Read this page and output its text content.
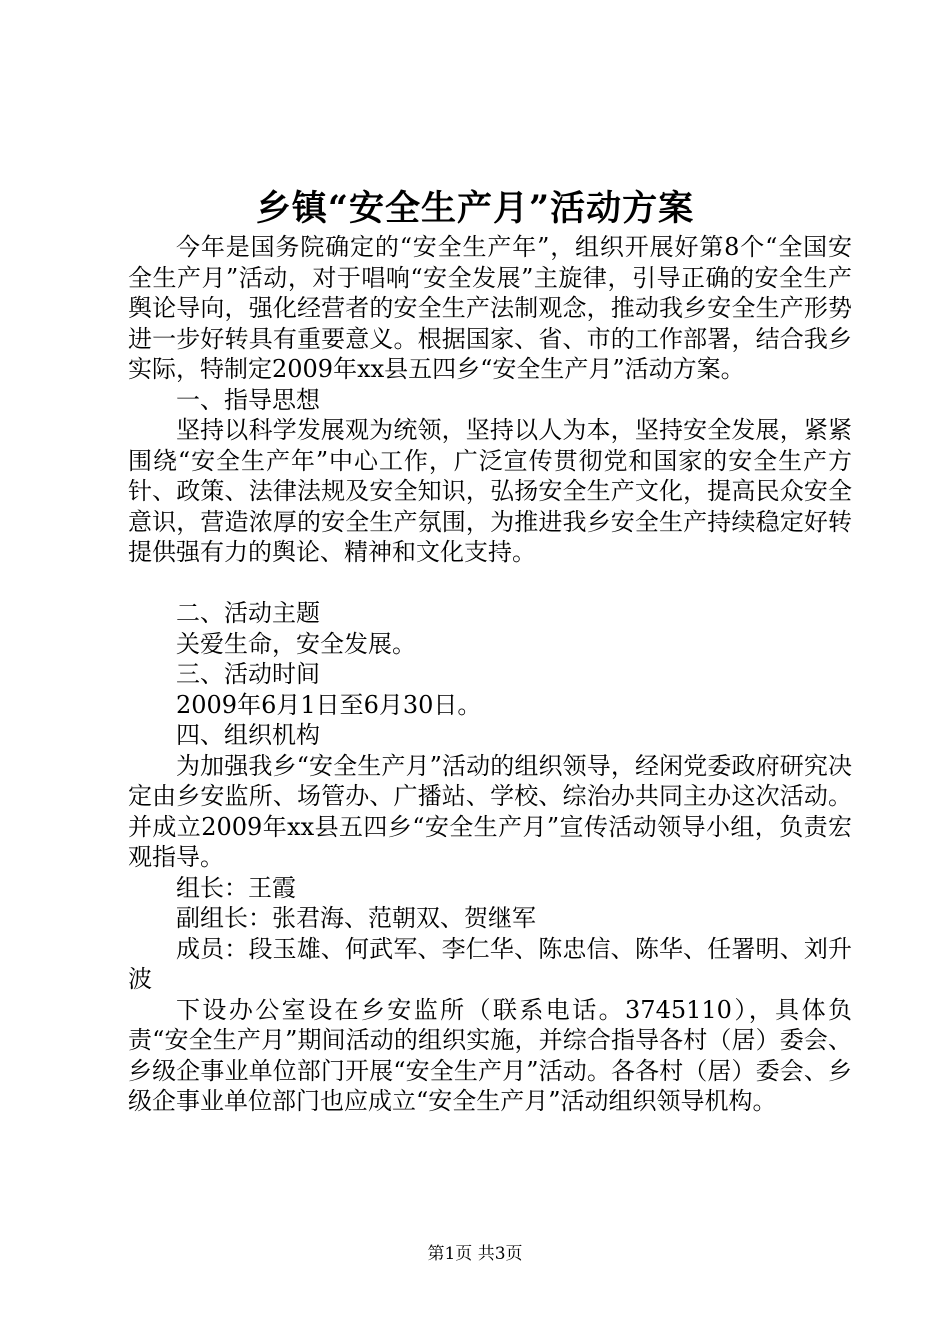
乡镇“安全生产月”活动方案

今年是国务院确定的“安全生产年”，组织开展好第8个“全国安全生产月”活动，对于唱响“安全发展”主旋律，引导正确的安全生产舆论导向，强化经营者的安全生产法制观念，推动我乡安全生产形势进一步好转具有重要意义。根据国家、省、市的工作部署，结合我乡实际，特制定2009年xx县五四乡“安全生产月”活动方案。

一、指导思想

坚持以科学发展观为统领，坚持以人为本，坚持安全发展，紧紧围绕“安全生产年”中心工作，广泛宣传贯彻党和国家的安全生产方针、政策、法律法规及安全知识，弘扬安全生产文化，提高民众安全意识，营造浓厚的安全生产氛围，为推进我乡安全生产持续稳定好转提供强有力的舆论、精神和文化支持。

二、活动主题

关爱生命，安全发展。

三、活动时间

2009年6月1日至6月30日。

四、组织机构

为加强我乡“安全生产月”活动的组织领导，经闲党委政府研究决定由乡安监所、场管办、广播站、学校、综治办共同主办这次活动。并成立2009年xx县五四乡“安全生产月”宣传活动领导小组，负责宏观指导。

组长：王霞

副组长：张君海、范朝双、贺继军

成员：段玉雄、何武军、李仁华、陈忠信、陈华、任署明、刘升波

下设办公室设在乡安监所（联系电话。3745110），具体负责“安全生产月”期间活动的组织实施，并综合指导各村（居）委会、乡级企事业单位部门开展“安全生产月”活动。各各村（居）委会、乡级企事业单位部门也应成立“安全生产月”活动组织领导机构。

第1页 共3页
